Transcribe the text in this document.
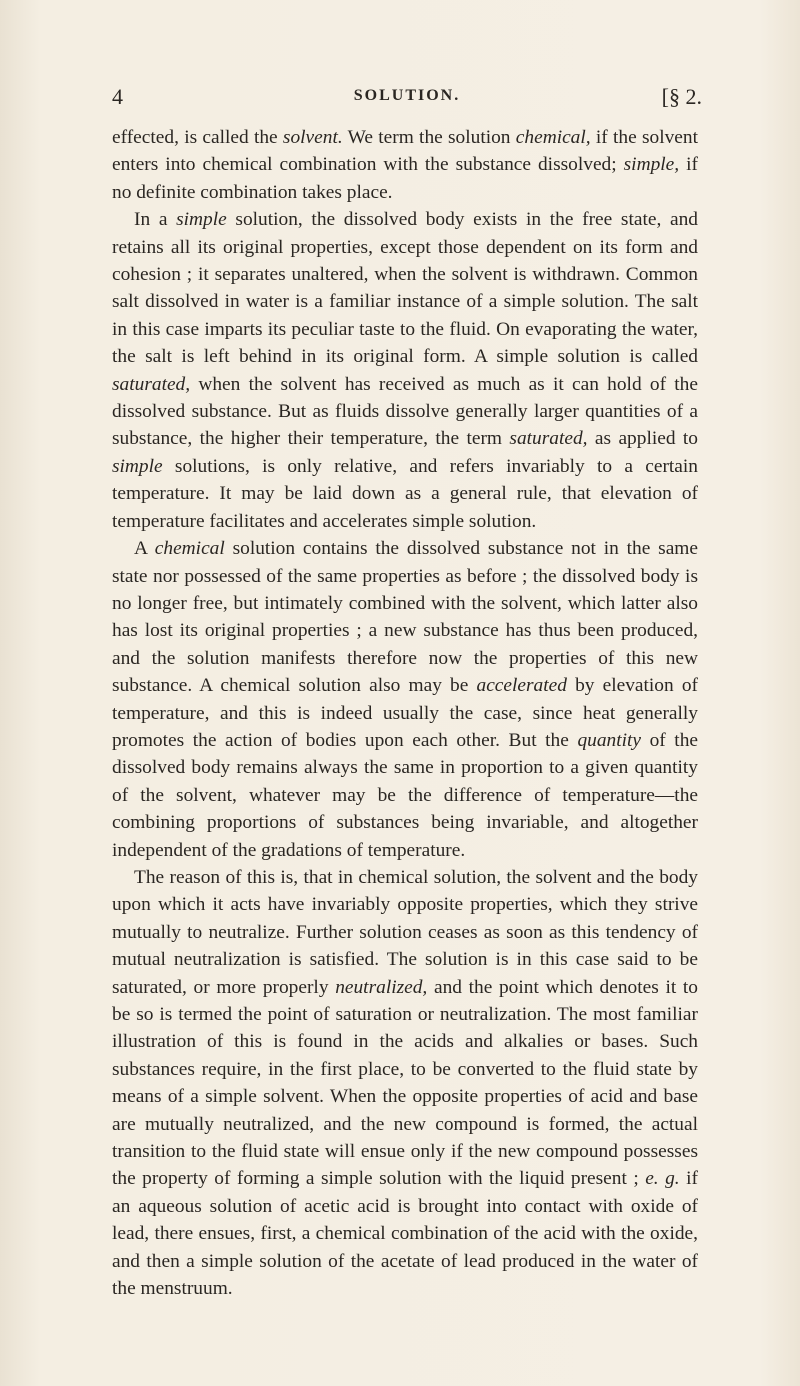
4	SOLUTION.	[§ 2.

effected, is called the solvent. We term the solution chemical, if the solvent enters into chemical combination with the substance dissolved; simple, if no definite combination takes place.

In a simple solution, the dissolved body exists in the free state, and retains all its original properties, except those dependent on its form and cohesion ; it separates unaltered, when the solvent is withdrawn. Common salt dissolved in water is a familiar instance of a simple solution. The salt in this case imparts its peculiar taste to the fluid. On evaporating the water, the salt is left behind in its original form. A simple solution is called saturated, when the solvent has received as much as it can hold of the dissolved substance. But as fluids dissolve generally larger quantities of a substance, the higher their temperature, the term saturated, as applied to simple solutions, is only relative, and refers invariably to a certain temperature. It may be laid down as a general rule, that elevation of temperature facilitates and accelerates simple solution.

A chemical solution contains the dissolved substance not in the same state nor possessed of the same properties as before ; the dissolved body is no longer free, but intimately combined with the solvent, which latter also has lost its original properties ; a new substance has thus been produced, and the solution manifests therefore now the properties of this new substance. A chemical solution also may be accelerated by elevation of temperature, and this is indeed usually the case, since heat generally promotes the action of bodies upon each other. But the quantity of the dissolved body remains always the same in proportion to a given quantity of the solvent, whatever may be the difference of temperature—the combining proportions of substances being invariable, and altogether independent of the gradations of temperature.

The reason of this is, that in chemical solution, the solvent and the body upon which it acts have invariably opposite properties, which they strive mutually to neutralize. Further solution ceases as soon as this tendency of mutual neutralization is satisfied. The solution is in this case said to be saturated, or more properly neutralized, and the point which denotes it to be so is termed the point of saturation or neutralization. The most familiar illustration of this is found in the acids and alkalies or bases. Such substances require, in the first place, to be converted to the fluid state by means of a simple solvent. When the opposite properties of acid and base are mutually neutralized, and the new compound is formed, the actual transition to the fluid state will ensue only if the new compound possesses the property of forming a simple solution with the liquid present ; e. g. if an aqueous solution of acetic acid is brought into contact with oxide of lead, there ensues, first, a chemical combination of the acid with the oxide, and then a simple solution of the acetate of lead produced in the water of the menstruum.
